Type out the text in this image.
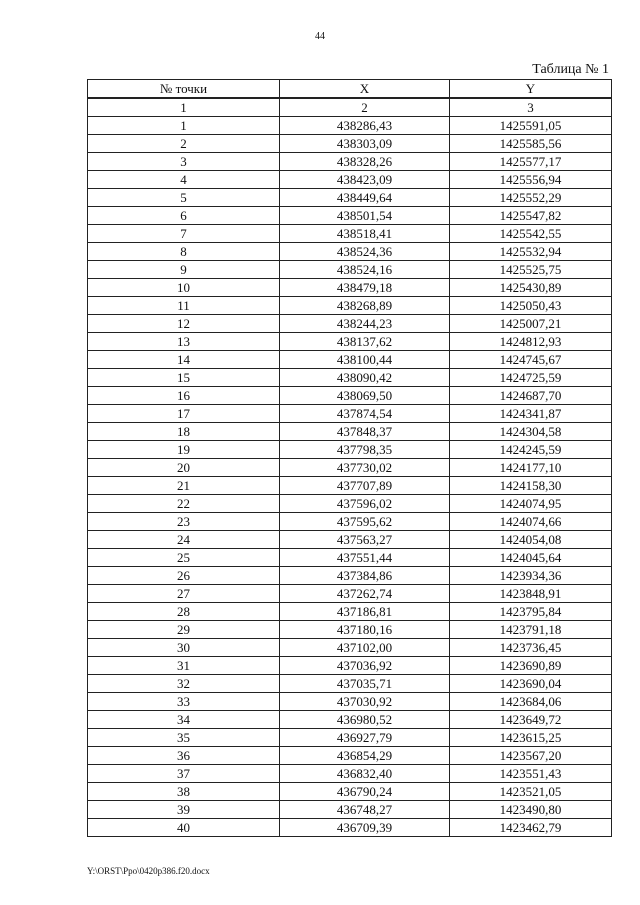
44
Таблица № 1
№ точки	X	Y
1	2	3
1	438286,43	1425591,05
2	438303,09	1425585,56
3	438328,26	1425577,17
4	438423,09	1425556,94
5	438449,64	1425552,29
6	438501,54	1425547,82
7	438518,41	1425542,55
8	438524,36	1425532,94
9	438524,16	1425525,75
10	438479,18	1425430,89
11	438268,89	1425050,43
12	438244,23	1425007,21
13	438137,62	1424812,93
14	438100,44	1424745,67
15	438090,42	1424725,59
16	438069,50	1424687,70
17	437874,54	1424341,87
18	437848,37	1424304,58
19	437798,35	1424245,59
20	437730,02	1424177,10
21	437707,89	1424158,30
22	437596,02	1424074,95
23	437595,62	1424074,66
24	437563,27	1424054,08
25	437551,44	1424045,64
26	437384,86	1423934,36
27	437262,74	1423848,91
28	437186,81	1423795,84
29	437180,16	1423791,18
30	437102,00	1423736,45
31	437036,92	1423690,89
32	437035,71	1423690,04
33	437030,92	1423684,06
34	436980,52	1423649,72
35	436927,79	1423615,25
36	436854,29	1423567,20
37	436832,40	1423551,43
38	436790,24	1423521,05
39	436748,27	1423490,80
40	436709,39	1423462,79
Y:\ORST\Ppo\0420p386.f20.docx
